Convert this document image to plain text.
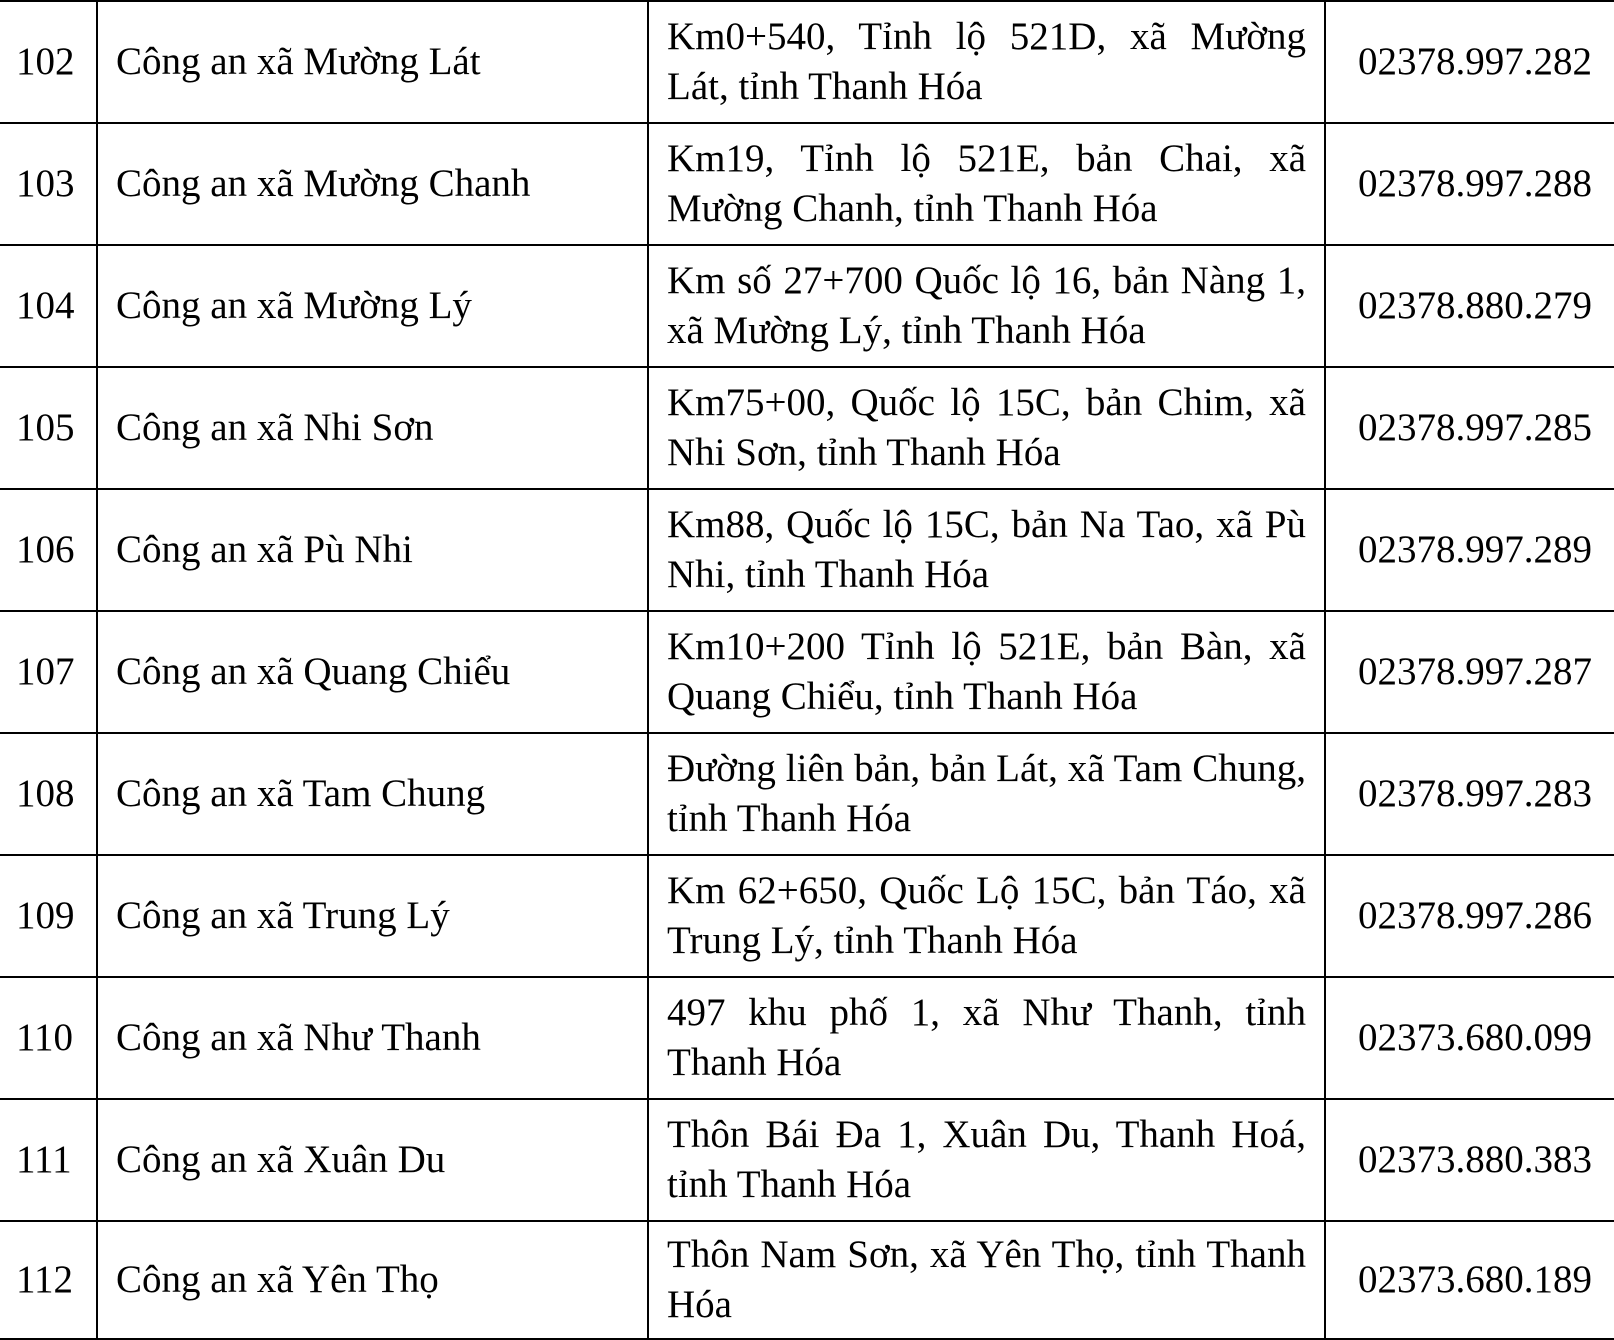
102	Công an xã Mường Lát	Km0+540, Tỉnh lộ 521D, xã Mường Lát, tỉnh Thanh Hóa	02378.997.282
103	Công an xã Mường Chanh	Km19, Tỉnh lộ 521E, bản Chai, xã Mường Chanh, tỉnh Thanh Hóa	02378.997.288
104	Công an xã Mường Lý	Km số 27+700 Quốc lộ 16, bản Nàng 1, xã Mường Lý, tỉnh Thanh Hóa	02378.880.279
105	Công an xã Nhi Sơn	Km75+00, Quốc lộ 15C, bản Chim, xã Nhi Sơn, tỉnh Thanh Hóa	02378.997.285
106	Công an xã Pù Nhi	Km88, Quốc lộ 15C, bản Na Tao, xã Pù Nhi, tỉnh Thanh Hóa	02378.997.289
107	Công an xã Quang Chiểu	Km10+200 Tỉnh lộ 521E, bản Bàn, xã Quang Chiểu, tỉnh Thanh Hóa	02378.997.287
108	Công an xã Tam Chung	Đường liên bản, bản Lát, xã Tam Chung, tỉnh Thanh Hóa	02378.997.283
109	Công an xã Trung Lý	Km 62+650, Quốc Lộ 15C, bản Táo, xã Trung Lý, tỉnh Thanh Hóa	02378.997.286
110	Công an xã Như Thanh	497 khu phố 1, xã Như Thanh, tỉnh Thanh Hóa	02373.680.099
111	Công an xã Xuân Du	Thôn Bái Đa 1, Xuân Du, Thanh Hoá, tỉnh Thanh Hóa	02373.880.383
112	Công an xã Yên Thọ	Thôn Nam Sơn, xã Yên Thọ, tỉnh Thanh Hóa	02373.680.189
